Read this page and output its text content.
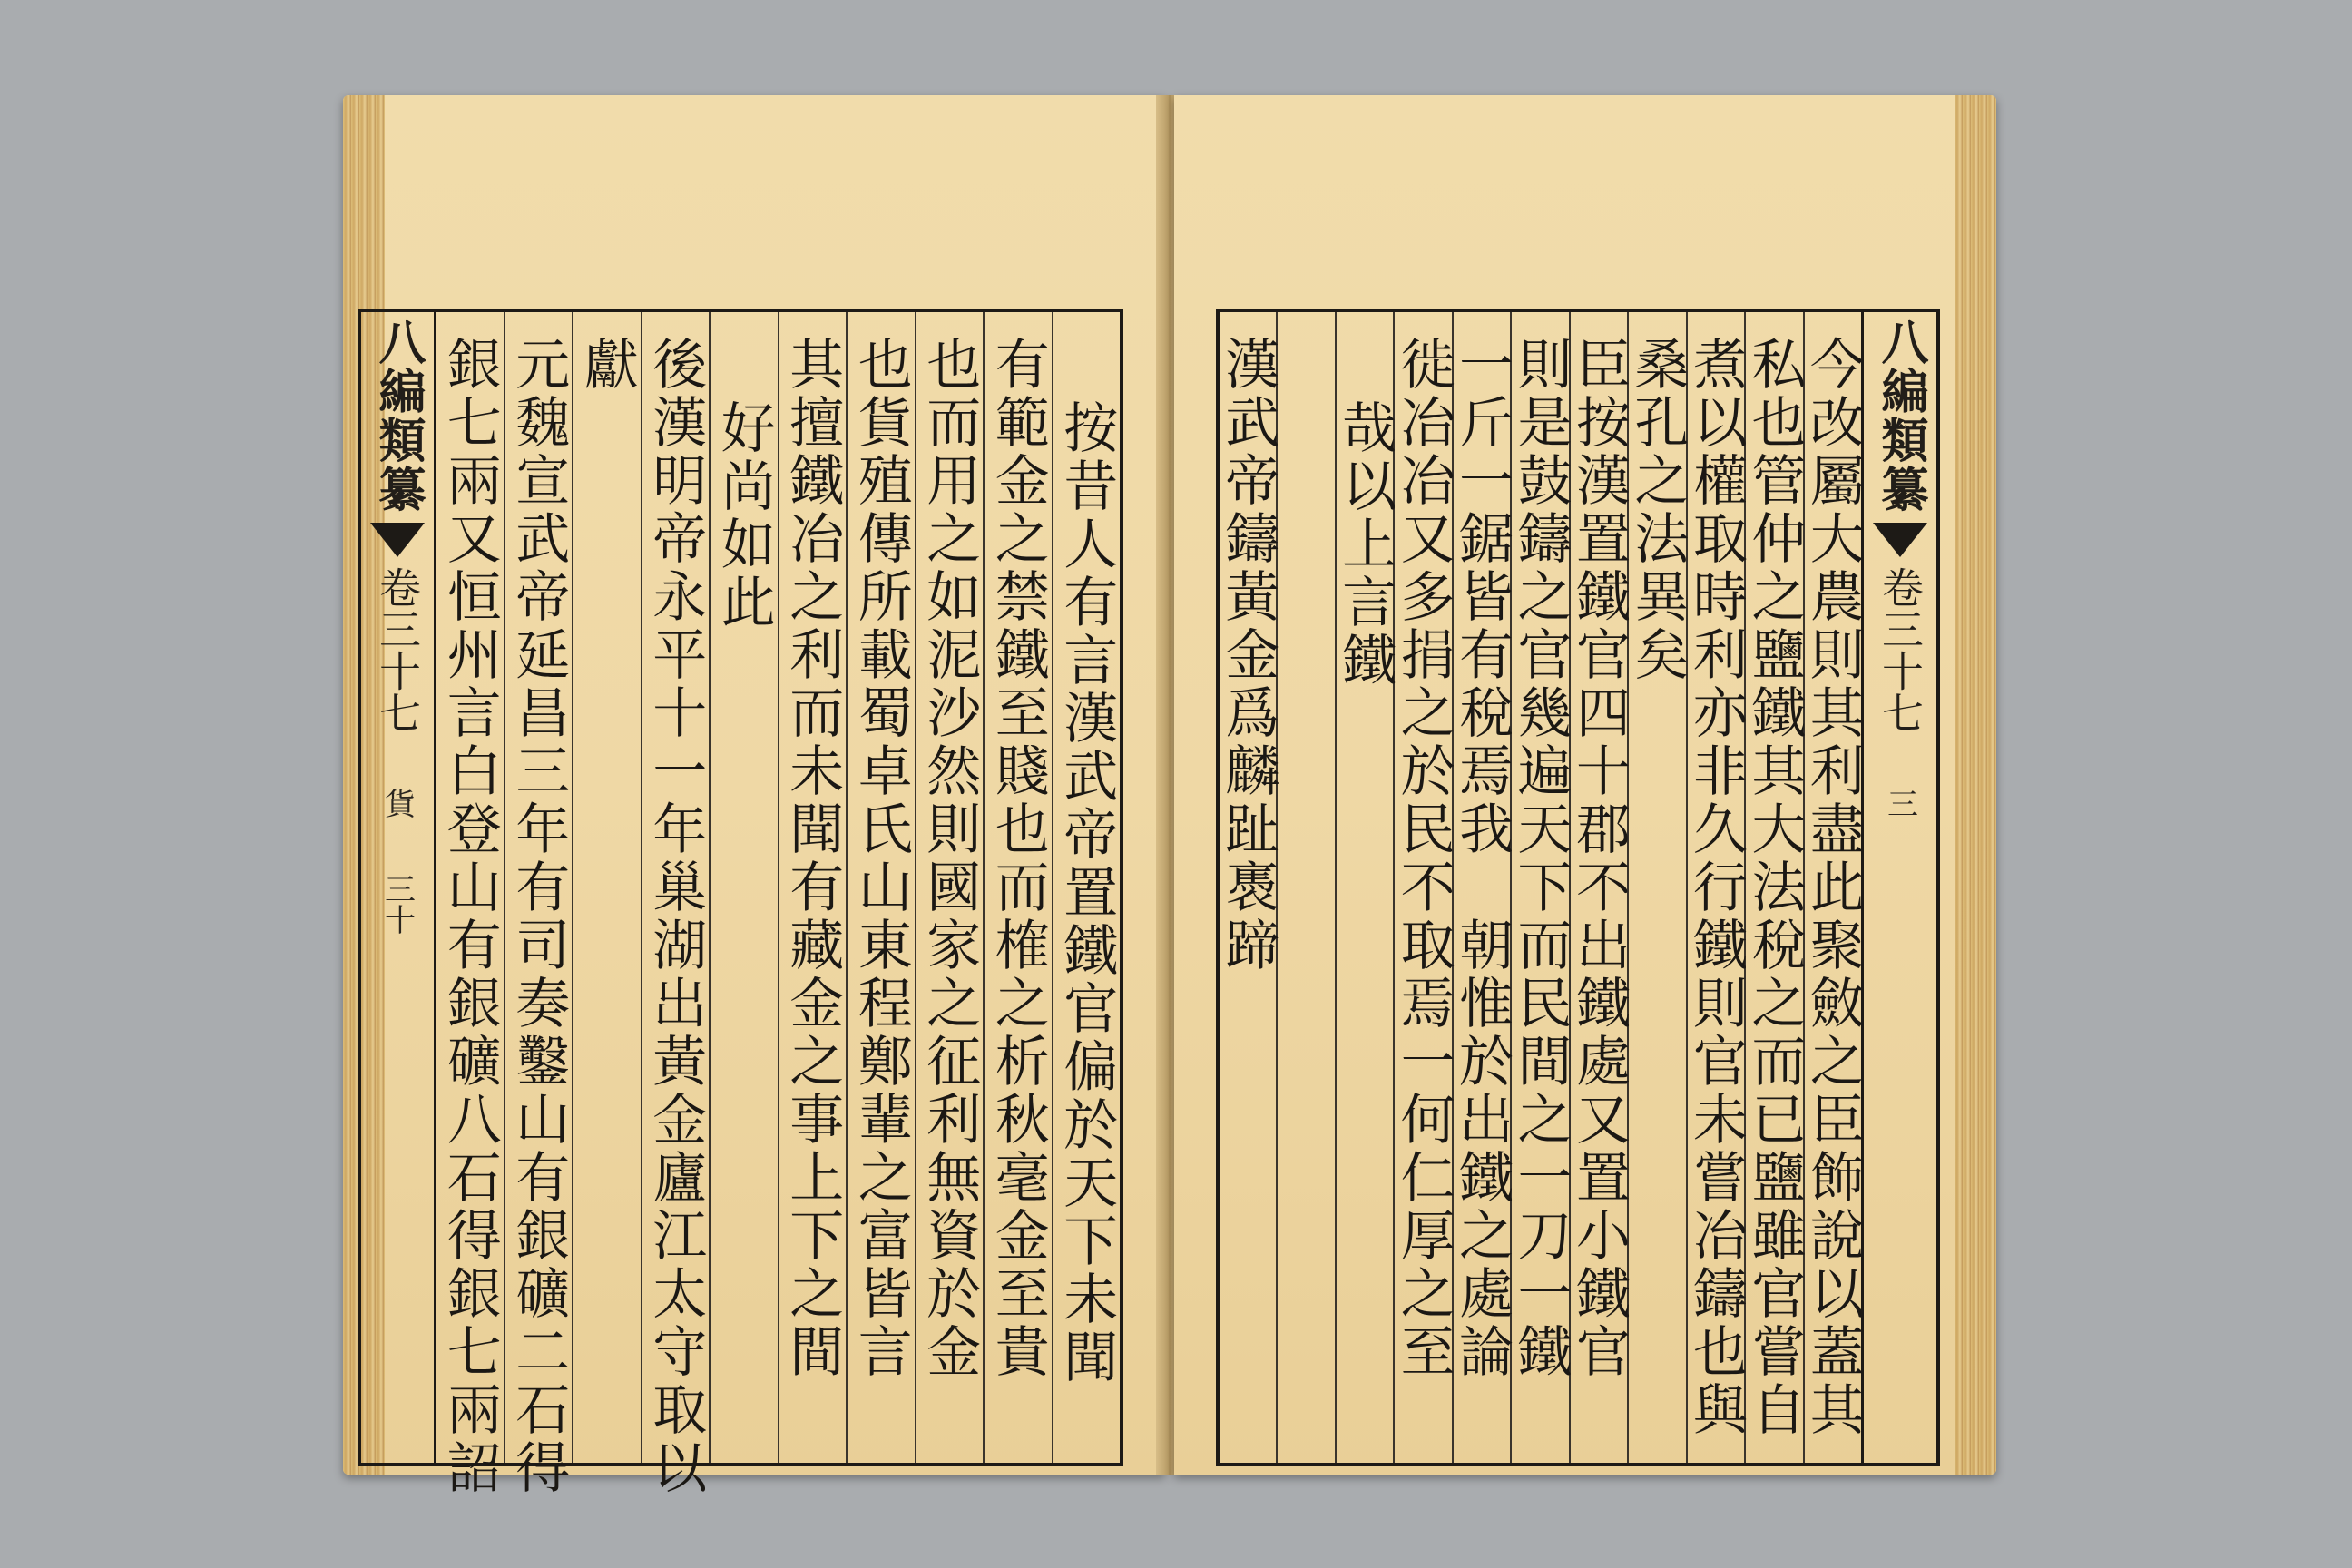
八編類纂
卷三十七
貨
三十	按昔人有言漢武帝置鐵官偏於天下未聞
有範金之禁鐵至賤也而榷之析秋毫金至貴
也而用之如泥沙然則國家之征利無資於金
也貨殖傳所載蜀卓氏山東程鄭輩之富皆言
其擅鐵冶之利而未聞有藏金之事上下之間
好尚如此
後漢明帝永平十一年巢湖出黃金廬江太守取以
獻
元魏宣武帝延昌三年有司奏鑿山有銀礦二石得
銀七兩又恒州言白登山有銀礦八石得銀七兩詔	今改屬大農則其利盡此聚斂之臣飾說以蓋其
私也管仲之鹽鐵其大法稅之而已鹽雖官嘗自
煮以權取時利亦非久行鐵則官未嘗冶鑄也與
桑孔之法異矣
臣按漢置鐵官四十郡不出鐵處又置小鐵官
則是鼓鑄之官幾遍天下而民間之一刀一鐵
一斤一鋸皆有稅焉我　朝惟於出鐵之處論
徙冶冶又多捐之於民不取焉一何仁厚之至
哉以上言鐵
漢武帝鑄黃金爲麟趾褭蹄	八編類纂
卷三十七
三
